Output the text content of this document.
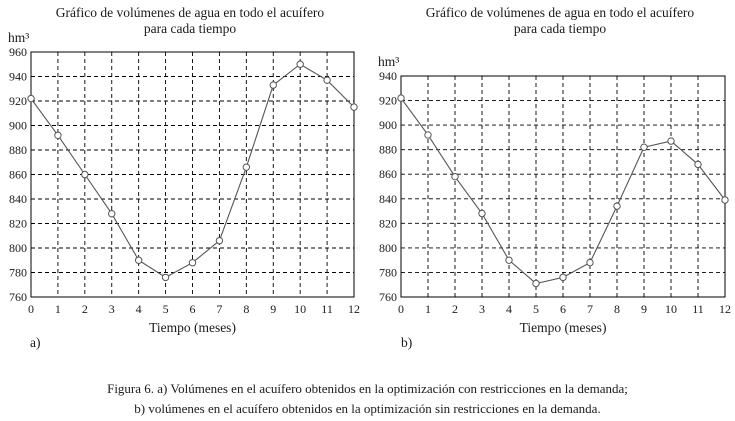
Gráfico de volúmenes de agua en todo el acuífero
para cada tiempo
hm³
760
780
800
820
840
860
880
900
920
940
960
0 1 2 3 4 5 6 7 8 9 10 11 12
Tiempo (meses)
a)
Gráfico de volúmenes de agua en todo el acuífero
para cada tiempo
hm³
760
780
800
820
840
860
880
900
920
940
0 1 2 3 4 5 6 7 8 9 10 11 12
Tiempo (meses)
b)
Figura 6. a) Volúmenes en el acuífero obtenidos en la optimización con restricciones en la demanda;
b) volúmenes en el acuífero obtenidos en la optimización sin restricciones en la demanda.
